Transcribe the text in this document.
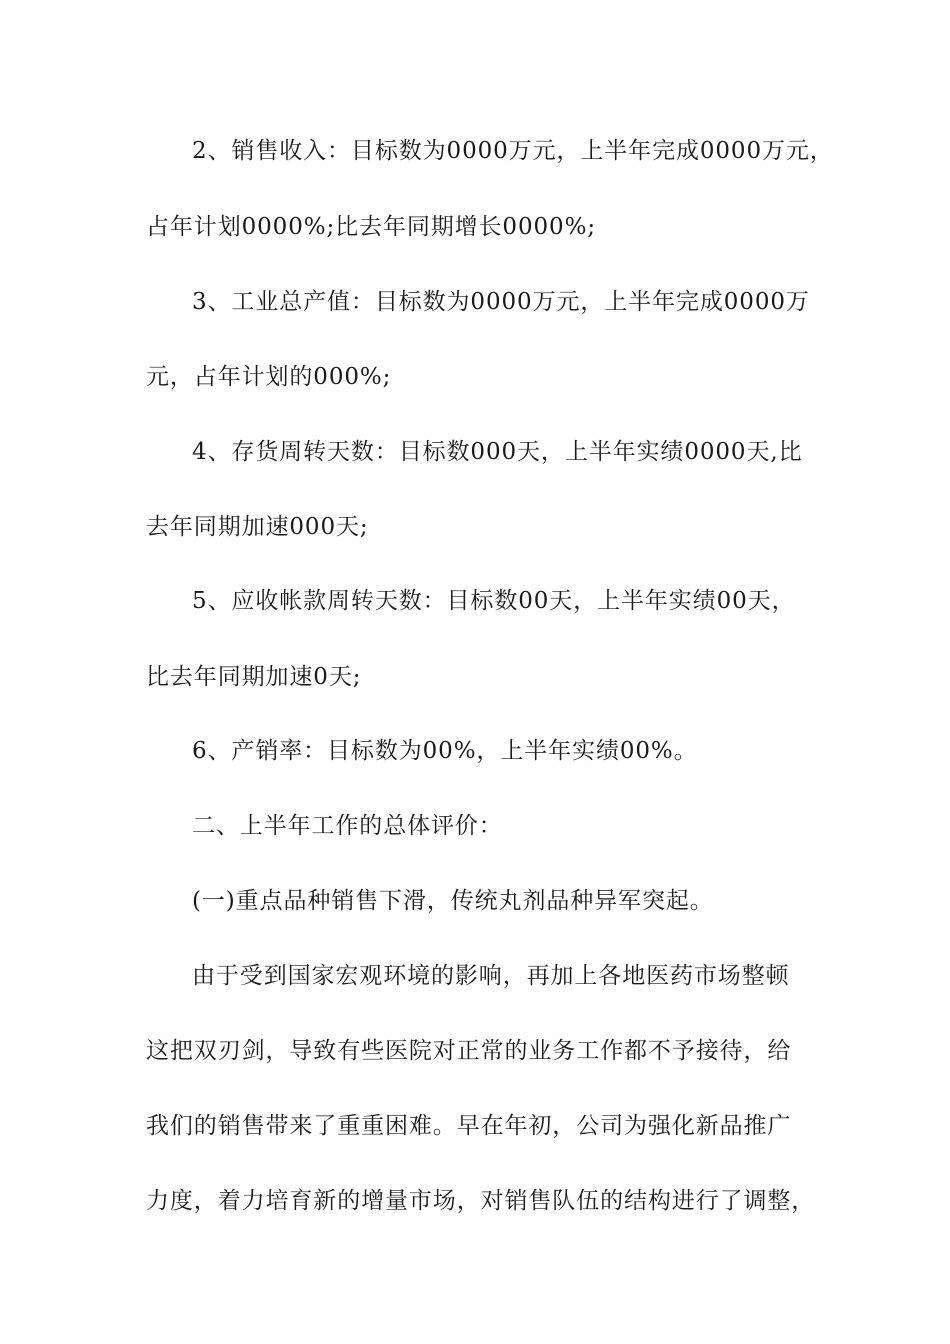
2、销售收入：目标数为0000万元，上半年完成0000万元，
占年计划0000%;比去年同期增长0000%;
3、工业总产值：目标数为0000万元，上半年完成0000万
元，占年计划的000%;
4、存货周转天数：目标数000天，上半年实绩0000天,比
去年同期加速000天;
5、应收帐款周转天数：目标数00天，上半年实绩00天，
比去年同期加速0天;
6、产销率：目标数为00%，上半年实绩00%。
二、上半年工作的总体评价：
(一)重点品种销售下滑，传统丸剂品种异军突起。
由于受到国家宏观环境的影响，再加上各地医药市场整顿
这把双刃剑，导致有些医院对正常的业务工作都不予接待，给
我们的销售带来了重重困难。早在年初，公司为强化新品推广
力度，着力培育新的增量市场，对销售队伍的结构进行了调整，
